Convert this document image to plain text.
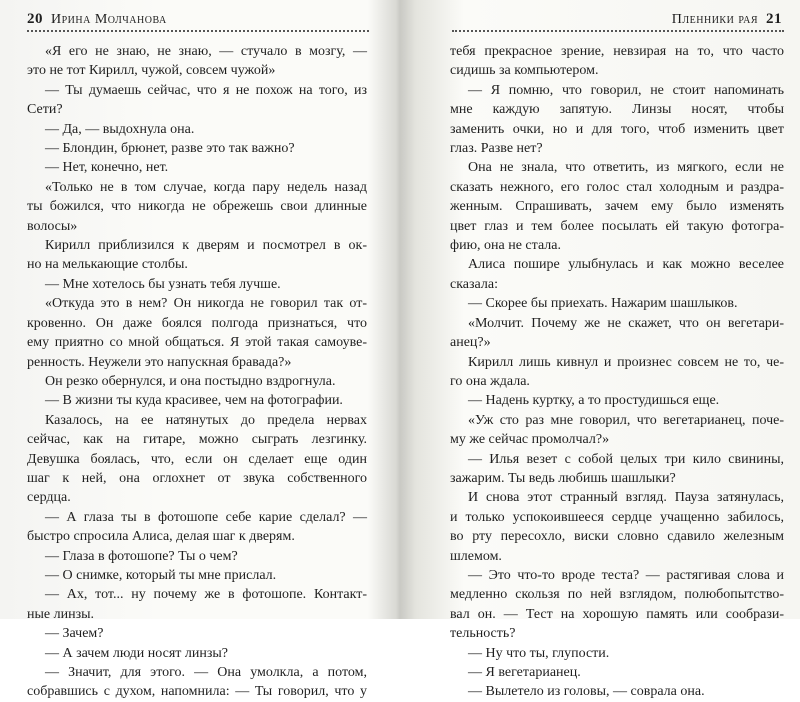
20 Ирина Молчанова
«Я его не знаю, не знаю, — стучало в мозгу, —
это не тот Кирилл, чужой, совсем чужой»
— Ты думаешь сейчас, что я не похож на того, из
Сети?
— Да, — выдохнула она.
— Блондин, брюнет, разве это так важно?
— Нет, конечно, нет.
«Только не в том случае, когда пару недель назад
ты божился, что никогда не обрежешь свои длинные
волосы»
Кирилл приблизился к дверям и посмотрел в ок-
но на мелькающие столбы.
— Мне хотелось бы узнать тебя лучше.
«Откуда это в нем? Он никогда не говорил так от-
кровенно. Он даже боялся полгода признаться, что
ему приятно со мной общаться. Я этой такая самоуве-
ренность. Неужели это напускная бравада?»
Он резко обернулся, и она постыдно вздрогнула.
— В жизни ты куда красивее, чем на фотографии.
Казалось, на ее натянутых до предела нервах
сейчас, как на гитаре, можно сыграть лезгинку.
Девушка боялась, что, если он сделает еще один
шаг к ней, она оглохнет от звука собственного
сердца.
— А глаза ты в фотошопе себе карие сделал? —
быстро спросила Алиса, делая шаг к дверям.
— Глаза в фотошопе? Ты о чем?
— О снимке, который ты мне прислал.
— Ах, тот... ну почему же в фотошопе. Контакт-
ные линзы.
— Зачем?
— А зачем люди носят линзы?
— Значит, для этого. — Она умолкла, а потом,
собравшись с духом, напомнила: — Ты говорил, что у
Пленники рая 21
тебя прекрасное зрение, невзирая на то, что часто
сидишь за компьютером.
— Я помню, что говорил, не стоит напоминать
мне каждую запятую. Линзы носят, чтобы
заменить очки, но и для того, чтоб изменить цвет
глаз. Разве нет?
Она не знала, что ответить, из мягкого, если не
сказать нежного, его голос стал холодным и раздра-
женным. Спрашивать, зачем ему было изменять
цвет глаз и тем более посылать ей такую фотогра-
фию, она не стала.
Алиса пошире улыбнулась и как можно веселее
сказала:
— Скорее бы приехать. Нажарим шашлыков.
«Молчит. Почему же не скажет, что он вегетари-
анец?»
Кирилл лишь кивнул и произнес совсем не то, че-
го она ждала.
— Надень куртку, а то простудишься еще.
«Уж сто раз мне говорил, что вегетарианец, поче-
му же сейчас промолчал?»
— Илья везет с собой целых три кило свинины,
зажарим. Ты ведь любишь шашлыки?
И снова этот странный взгляд. Пауза затянулась,
и только успокоившееся сердце учащенно забилось,
во рту пересохло, виски словно сдавило железным
шлемом.
— Это что-то вроде теста? — растягивая слова и
медленно скользя по ней взглядом, полюбопытство-
вал он. — Тест на хорошую память или сообрази-
тельность?
— Ну что ты, глупости.
— Я вегетарианец.
— Вылетело из головы, — соврала она.
